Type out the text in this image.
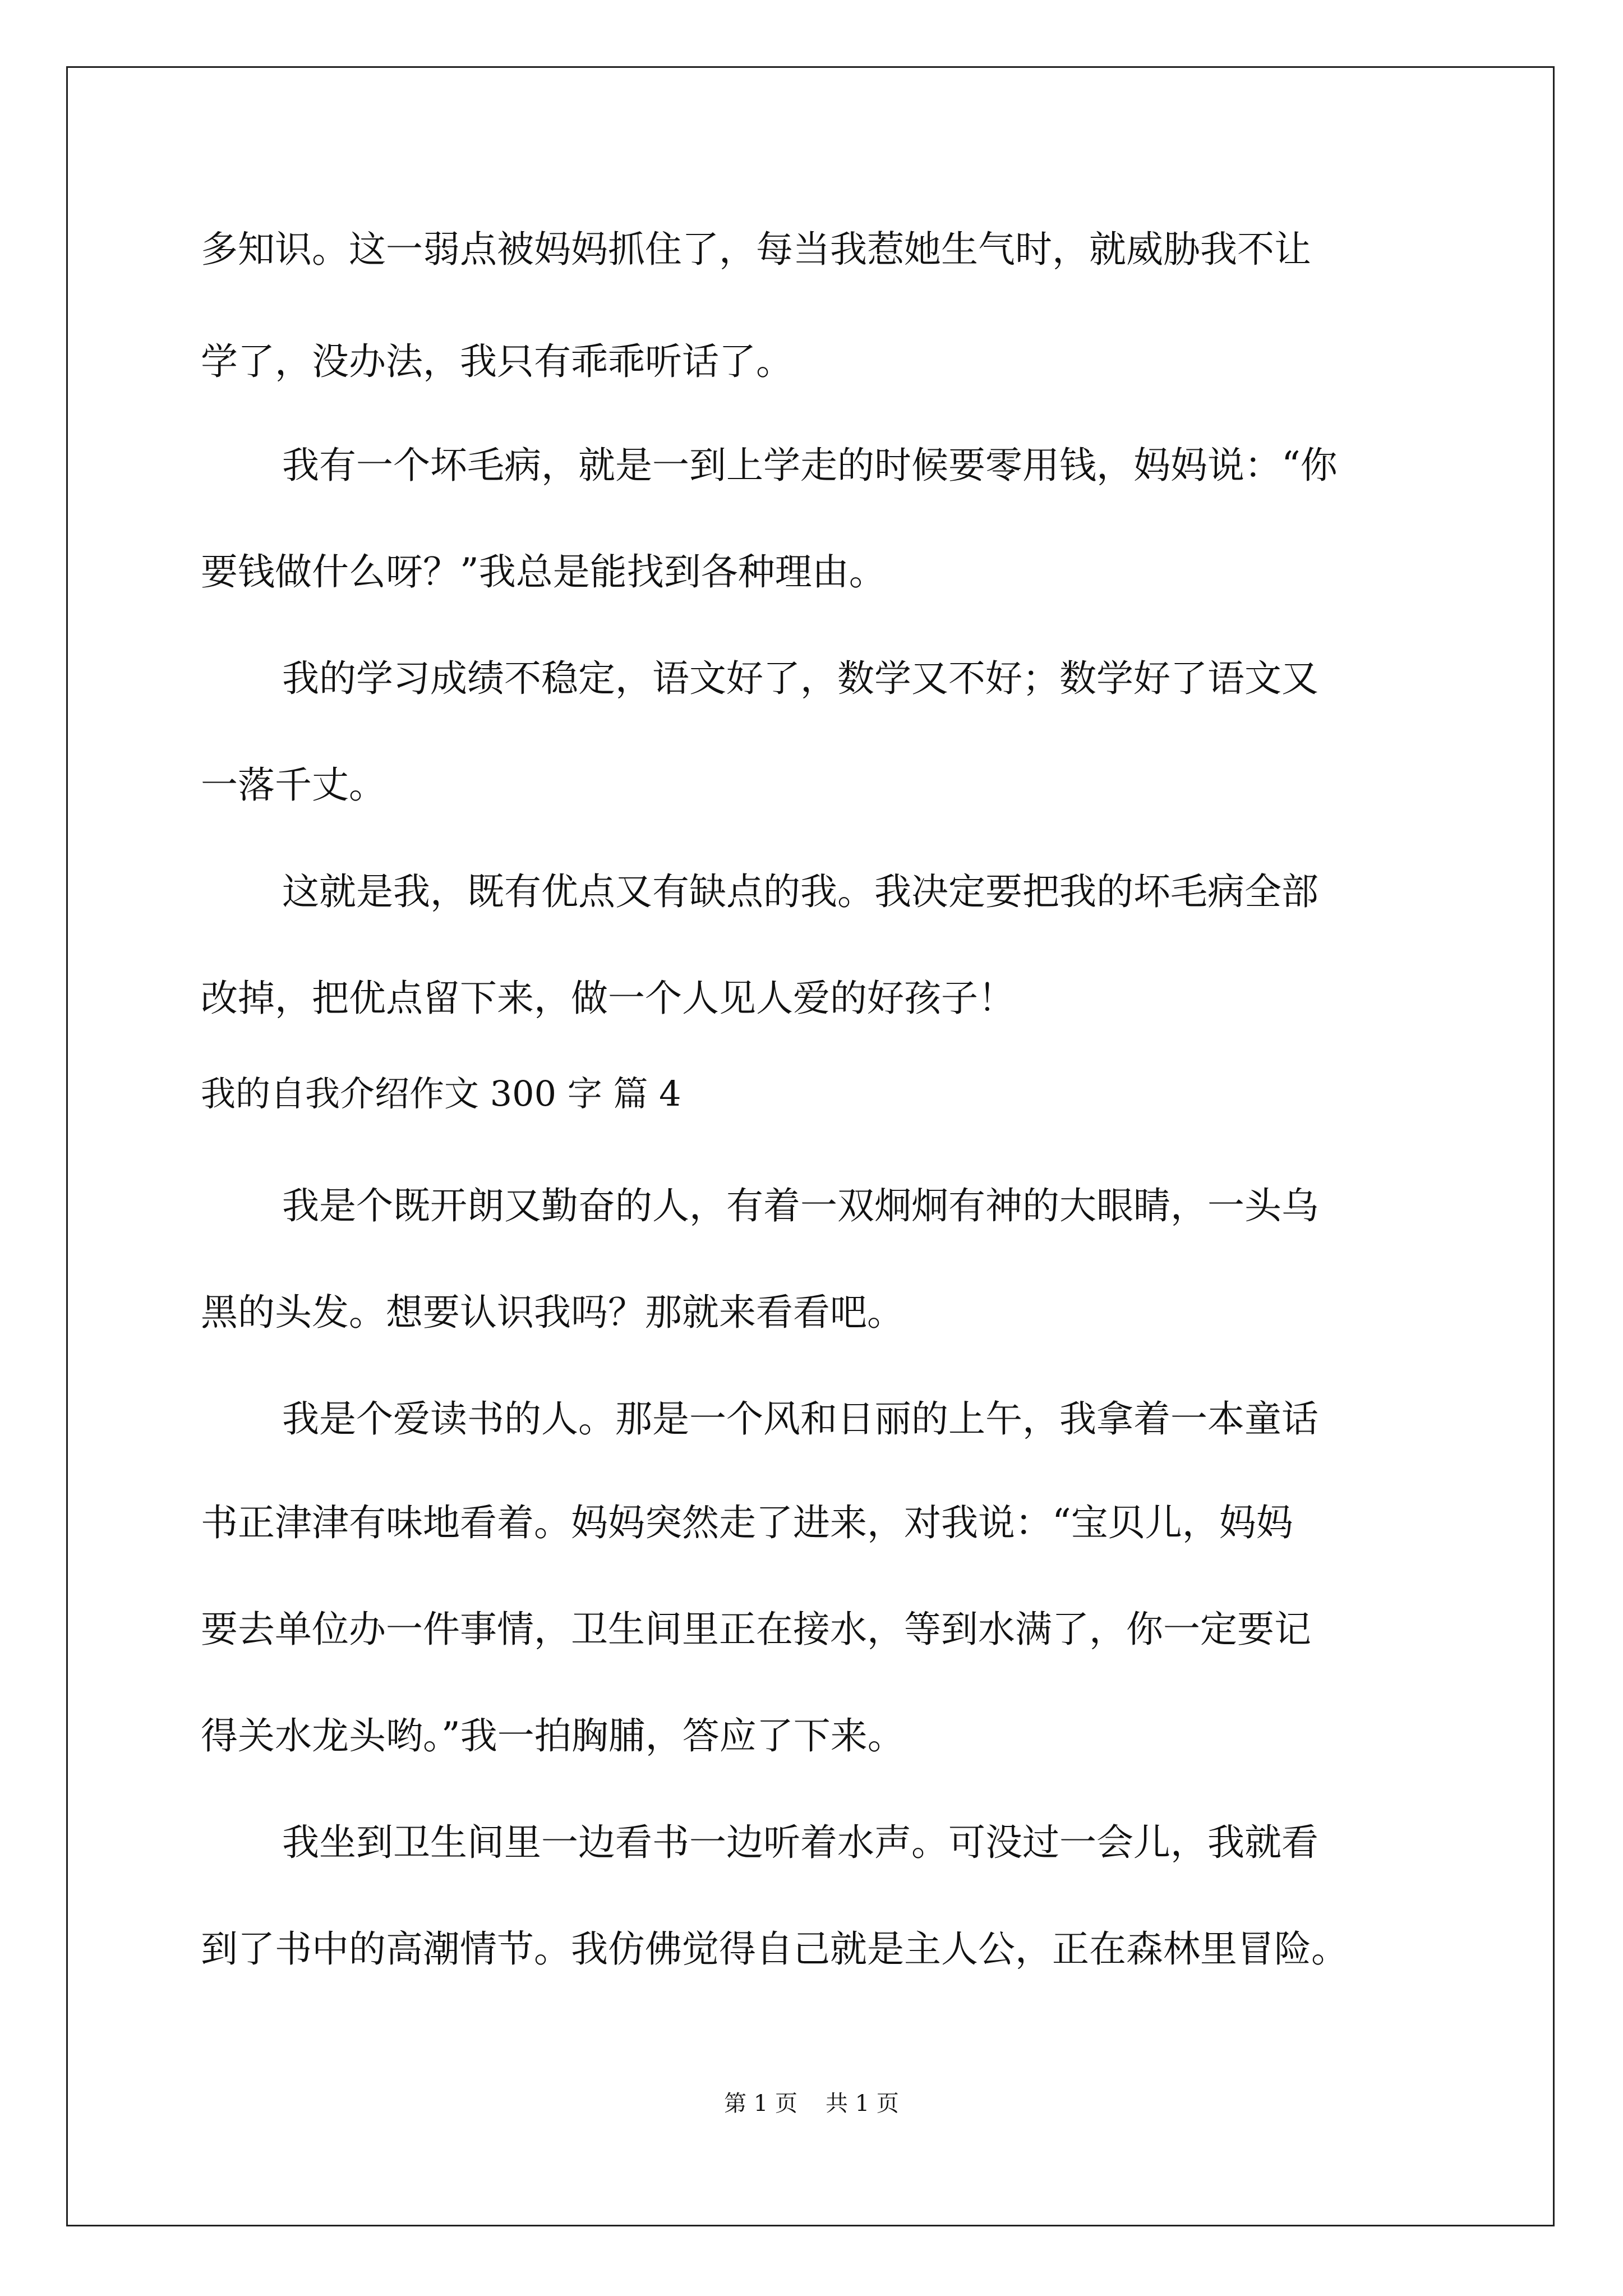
多知识。这一弱点被妈妈抓住了，每当我惹她生气时，就威胁我不让
学了，没办法，我只有乖乖听话了。
我有一个坏毛病，就是一到上学走的时候要零用钱，妈妈说：“你
要钱做什么呀？”我总是能找到各种理由。
我的学习成绩不稳定，语文好了，数学又不好；数学好了语文又
一落千丈。
这就是我，既有优点又有缺点的我。我决定要把我的坏毛病全部
改掉，把优点留下来，做一个人见人爱的好孩子！
我的自我介绍作文 300 字 篇 4
我是个既开朗又勤奋的人，有着一双炯炯有神的大眼睛，一头乌
黑的头发。想要认识我吗？那就来看看吧。
我是个爱读书的人。那是一个风和日丽的上午，我拿着一本童话
书正津津有味地看着。妈妈突然走了进来，对我说：“宝贝儿，妈妈
要去单位办一件事情，卫生间里正在接水，等到水满了，你一定要记
得关水龙头哟。”我一拍胸脯，答应了下来。
我坐到卫生间里一边看书一边听着水声。可没过一会儿，我就看
到了书中的高潮情节。我仿佛觉得自己就是主人公，正在森林里冒险。
第 1 页 共 1 页
